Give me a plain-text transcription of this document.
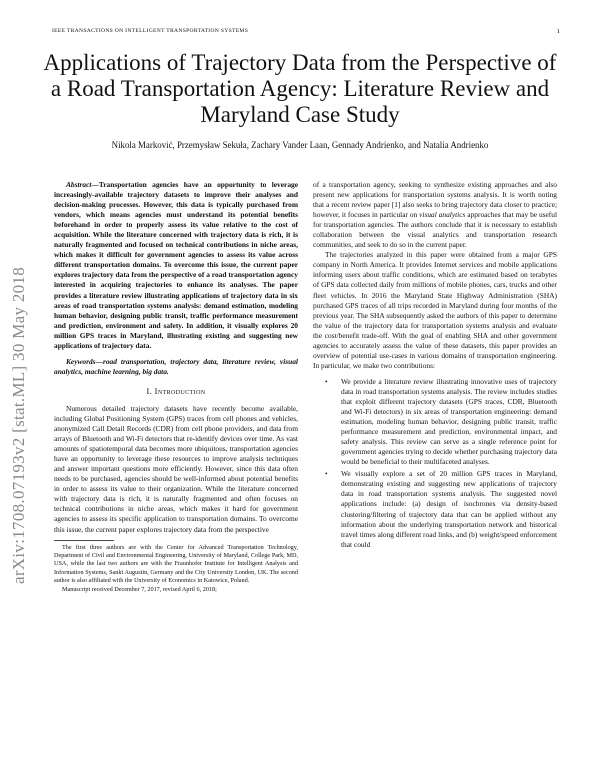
IEEE TRANSACTIONS ON INTELLIGENT TRANSPORTATION SYSTEMS	1
Applications of Trajectory Data from the Perspective of a Road Transportation Agency: Literature Review and Maryland Case Study
Nikola Marković, Przemysław Sekuła, Zachary Vander Laan, Gennady Andrienko, and Natalia Andrienko
arXiv:1708.07193v2 [stat.ML] 30 May 2018

Abstract—Transportation agencies have an opportunity to leverage increasingly-available trajectory datasets to improve their analyses and decision-making processes. However, this data is typically purchased from vendors, which means agencies must understand its potential benefits beforehand in order to properly assess its value relative to the cost of acquisition. While the literature concerned with trajectory data is rich, it is naturally fragmented and focused on technical contributions in niche areas, which makes it difficult for government agencies to assess its value across different transportation domains. To overcome this issue, the current paper explores trajectory data from the perspective of a road transportation agency interested in acquiring trajectories to enhance its analyses. The paper provides a literature review illustrating applications of trajectory data in six areas of road transportation systems analysis: demand estimation, modeling human behavior, designing public transit, traffic performance measurement and prediction, environment and safety. In addition, it visually explores 20 million GPS traces in Maryland, illustrating existing and suggesting new applications of trajectory data.

Keywords—road transportation, trajectory data, literature review, visual analytics, machine learning, big data.

I. Introduction

Numerous detailed trajectory datasets have recently become available, including Global Positioning System (GPS) traces from cell phones and vehicles, anonymized Call Detail Records (CDR) from cell phone providers, and data from arrays of Bluetooth and Wi-Fi detectors that re-identify devices over time. As vast amounts of spatiotemporal data becomes more ubiquitous, transportation agencies have an opportunity to leverage these resources to improve analysis techniques and answer important questions more efficiently. However, since this data often needs to be purchased, agencies should be well-informed about potential benefits in order to assess its value to their organization. While the literature concerned with trajectory data is rich, it is naturally fragmented and often focuses on technical contributions in niche areas, which makes it hard for government agencies to assess its specific application to transportation domains. To overcome this issue, the current paper explores trajectory data from the perspective

The first three authors are with the Center for Advanced Transportation Technology, Department of Civil and Environmental Engineering, University of Maryland, College Park, MD, USA, while the last two authors are with the Fraunhofer Institute for Intelligent Analysis and Information Systems, Sankt Augustin, Germany and the City University London, UK. The second author is also affiliated with the University of Economics in Katowice, Poland.

Manuscript received December 7, 2017, revised April 6, 2018;

of a transportation agency, seeking to synthesize existing approaches and also present new applications for transportation systems analysis. It is worth noting that a recent review paper [1] also seeks to bring trajectory data closer to practice; however, it focuses in particular on visual analytics approaches that may be useful for transportation agencies. The authors conclude that it is necessary to establish collaboration between the visual analytics and transportation research communities, and seek to do so in the current paper.

The trajectories analyzed in this paper were obtained from a major GPS company in North America. It provides Internet services and mobile applications informing users about traffic conditions, which are estimated based on terabytes of GPS data collected daily from millions of mobile phones, cars, trucks and other fleet vehicles. In 2016 the Maryland State Highway Administration (SHA) purchased GPS traces of all trips recorded in Maryland during four months of the previous year. The SHA subsequently asked the authors of this paper to determine the value of the trajectory data for transportation systems analysis and evaluate the cost/benefit trade-off. With the goal of enabling SHA and other government agencies to accurately assess the value of these datasets, this paper provides an overview of potential use-cases in various domains of transportation engineering. In particular, we make two contributions:

• We provide a literature review illustrating innovative uses of trajectory data in road transportation systems analysis. The review includes studies that exploit different trajectory datasets (GPS traces, CDR, Bluetooth and Wi-Fi detectors) in six areas of transportation engineering: demand estimation, modeling human behavior, designing public transit, traffic performance measurement and prediction, environmental impact, and safety analysis. This review can serve as a single reference point for government agencies trying to decide whether purchasing trajectory data would be beneficial to their multifaceted analyses.
• We visually explore a set of 20 million GPS traces in Maryland, demonstrating existing and suggesting new applications of trajectory data in road transportation systems analysis. The suggested novel applications include: (a) design of isochrones via density-based clustering/filtering of trajectory data that can be applied without any information about the underlying transportation network and historical travel times along different road links, and (b) weight/speed enforcement that could
